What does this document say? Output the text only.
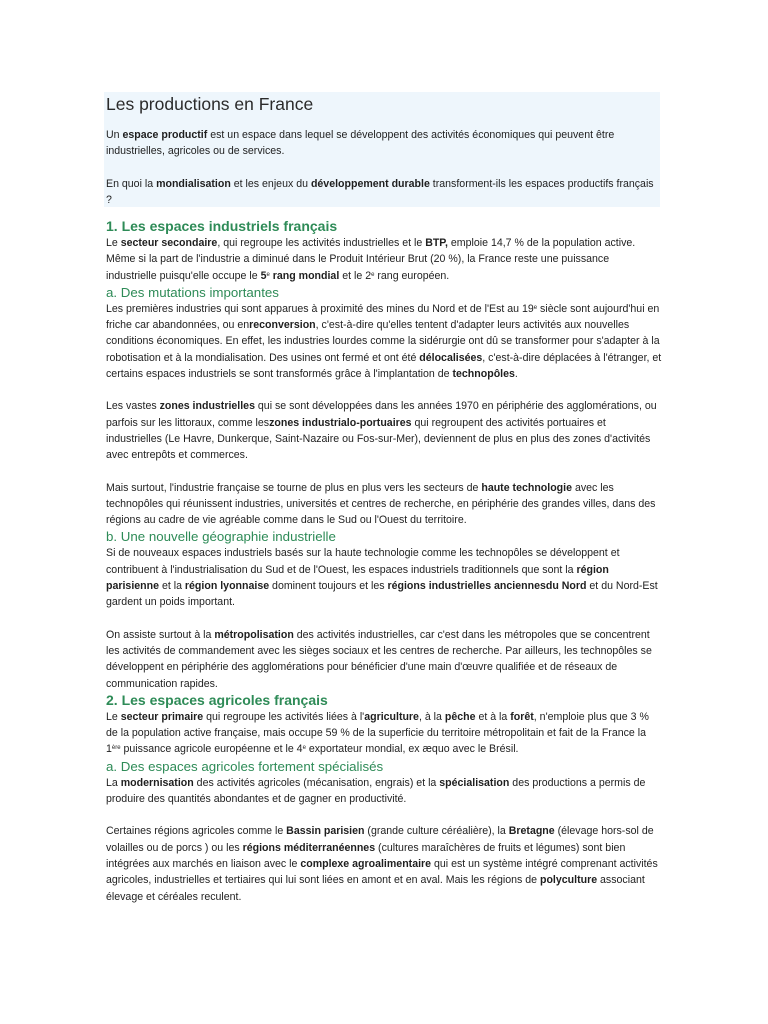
Les productions en France

Un espace productif est un espace dans lequel se développent des activités économiques qui peuvent être industrielles, agricoles ou de services.

En quoi la mondialisation et les enjeux du développement durable transforment-ils les espaces productifs français ?

1. Les espaces industriels français

Le secteur secondaire, qui regroupe les activités industrielles et le BTP, emploie 14,7 % de la population active. Même si la part de l'industrie a diminué dans le Produit Intérieur Brut (20 %), la France reste une puissance industrielle puisqu'elle occupe le 5e rang mondial et le 2e rang européen.

a. Des mutations importantes

Les premières industries qui sont apparues à proximité des mines du Nord et de l'Est au 19e siècle sont aujourd'hui en friche car abandonnées, ou enreconversion, c'est-à-dire qu'elles tentent d'adapter leurs activités aux nouvelles conditions économiques. En effet, les industries lourdes comme la sidérurgie ont dû se transformer pour s'adapter à la robotisation et à la mondialisation. Des usines ont fermé et ont été délocalisées, c'est-à-dire déplacées à l'étranger, et certains espaces industriels se sont transformés grâce à l'implantation de technopôles.

Les vastes zones industrielles qui se sont développées dans les années 1970 en périphérie des agglomérations, ou parfois sur les littoraux, comme leszones industrialo-portuaires qui regroupent des activités portuaires et industrielles (Le Havre, Dunkerque, Saint-Nazaire ou Fos-sur-Mer), deviennent de plus en plus des zones d'activités avec entrepôts et commerces.

Mais surtout, l'industrie française se tourne de plus en plus vers les secteurs de haute technologie avec les technopôles qui réunissent industries, universités et centres de recherche, en périphérie des grandes villes, dans des régions au cadre de vie agréable comme dans le Sud ou l'Ouest du territoire.

b. Une nouvelle géographie industrielle

Si de nouveaux espaces industriels basés sur la haute technologie comme les technopôles se développent et contribuent à l'industrialisation du Sud et de l'Ouest, les espaces industriels traditionnels que sont la région parisienne et la région lyonnaise dominent toujours et les régions industrielles anciennesdu Nord et du Nord-Est gardent un poids important.

On assiste surtout à la métropolisation des activités industrielles, car c'est dans les métropoles que se concentrent les activités de commandement avec les sièges sociaux et les centres de recherche. Par ailleurs, les technopôles se développent en périphérie des agglomérations pour bénéficier d'une main d'œuvre qualifiée et de réseaux de communication rapides.

2. Les espaces agricoles français

Le secteur primaire qui regroupe les activités liées à l'agriculture, à la pêche et à la forêt, n'emploie plus que 3 % de la population active française, mais occupe 59 % de la superficie du territoire métropolitain et fait de la France la 1ère puissance agricole européenne et le 4e exportateur mondial, ex æquo avec le Brésil.

a. Des espaces agricoles fortement spécialisés

La modernisation des activités agricoles (mécanisation, engrais) et la spécialisation des productions a permis de produire des quantités abondantes et de gagner en productivité.

Certaines régions agricoles comme le Bassin parisien (grande culture céréalière), la Bretagne (élevage hors-sol de volailles ou de porcs ) ou les régions méditerranéennes (cultures maraîchères de fruits et légumes) sont bien intégrées aux marchés en liaison avec le complexe agroalimentaire qui est un système intégré comprenant activités agricoles, industrielles et tertiaires qui lui sont liées en amont et en aval. Mais les régions de polyculture associant élevage et céréales reculent.
